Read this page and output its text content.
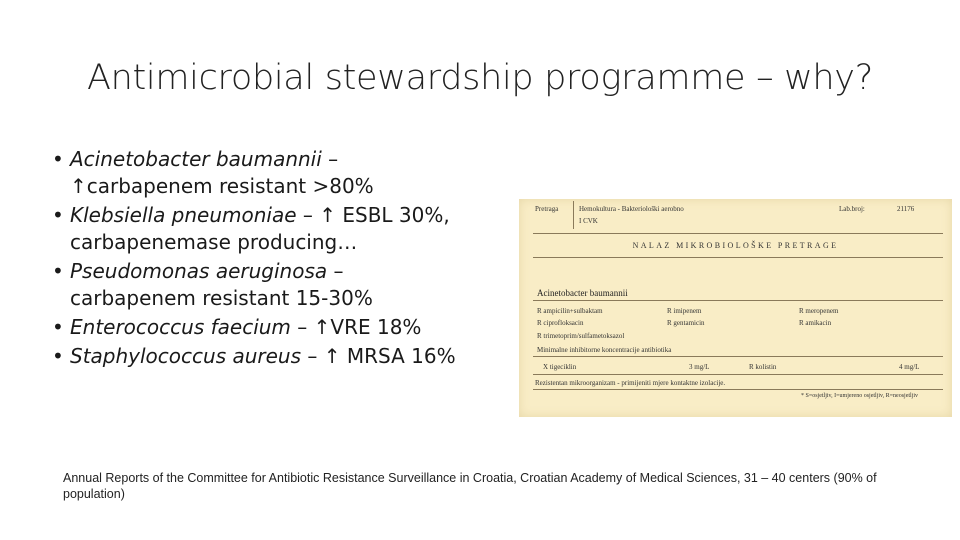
Antimicrobial stewardship programme – why?
• Acinetobacter baumannii –
↑carbapenem resistant >80%
• Klebsiella pneumoniae – ↑ ESBL 30%,
carbapenemase producing…
• Pseudomonas aeruginosa –
carbapenem resistant 15-30%
• Enterococcus faecium – ↑VRE 18%
• Staphylococcus aureus – ↑ MRSA 16%
Pretraga	Hemokultura - Bakteriološki aerobno
I CVK
Lab.broj:	21176
NALAZ MIKROBIOLOŠKE PRETRAGE
Acinetobacter baumannii
R ampicilin+sulbaktam	R imipenem	R meropenem
R ciprofloksacin	R gentamicin	R amikacin
R trimetoprim/sulfametoksazol
Minimalne inhibitorne koncentracije antibiotika
X tigeciklin	3 mg/L	R kolistin	4 mg/L
Rezistentan mikroorganizam - primijeniti mjere kontaktne izolacije.
* S=osjetljiv, I=umjereno osjetljiv, R=neosjetljiv
Annual Reports of the Committee for Antibiotic Resistance Surveillance in Croatia, Croatian Academy of Medical Sciences, 31 – 40 centers (90% of population)
